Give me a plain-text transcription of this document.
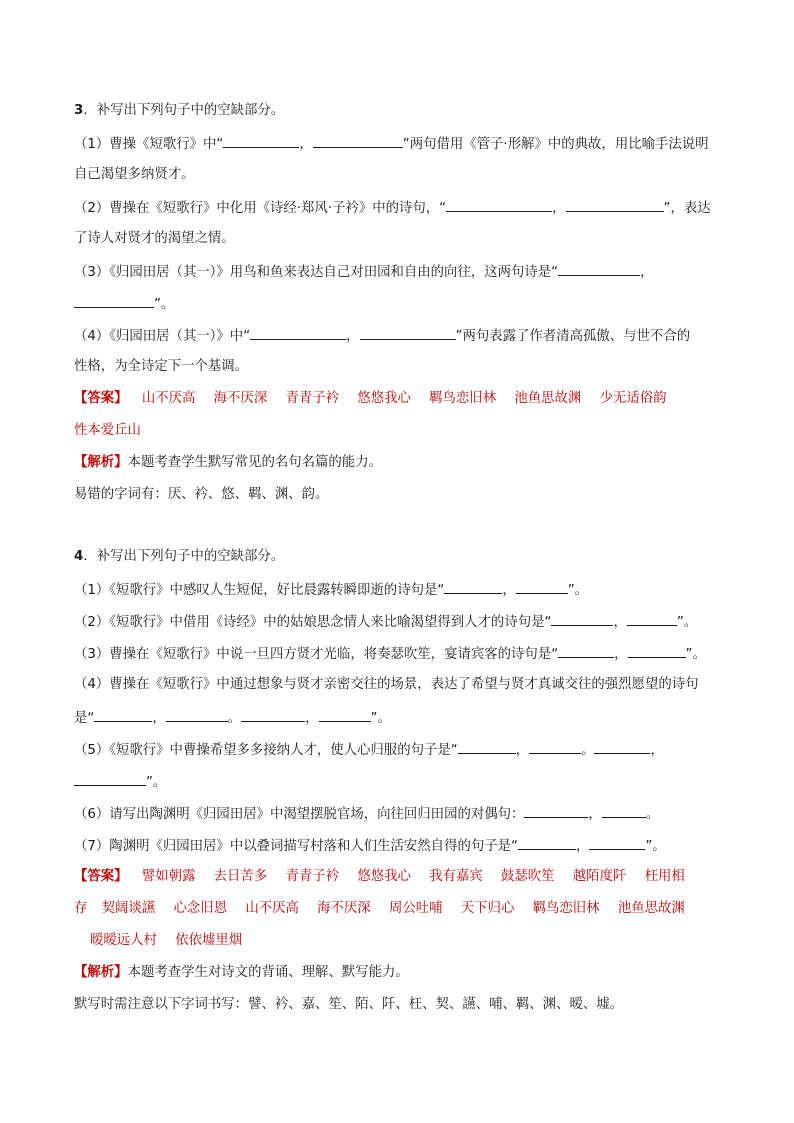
3．补写出下列句子中的空缺部分。
（1）曹操《短歌行》中“	，	”两句借用《管子·形解》中的典故，用比喻手法说明
自己渴望多纳贤才。
（2）曹操在《短歌行》中化用《诗经·郑风·子衿》中的诗句，“	，	”，表达
了诗人对贤才的渴望之情。
（3）《归园田居（其一）》用鸟和鱼来表达自己对田园和自由的向往，这两句诗是“	，
”。
（4）《归园田居（其一）》中“	，	”两句表露了作者清高孤傲、与世不合的
性格，为全诗定下一个基调。
【答案】 山不厌高 海不厌深 青青子衿 悠悠我心 羁鸟恋旧林 池鱼思故渊 少无适俗韵
性本爱丘山
【解析】本题考查学生默写常见的名句名篇的能力。
易错的字词有：厌、衿、悠、羁、渊、韵。
4．补写出下列句子中的空缺部分。
（1）《短歌行》中感叹人生短促，好比晨露转瞬即逝的诗句是“	，	”。
（2）《短歌行》中借用《诗经》中的姑娘思念情人来比喻渴望得到人才的诗句是“	，	”。
（3）曹操在《短歌行》中说一旦四方贤才光临，将奏瑟吹笙，宴请宾客的诗句是“	，	”。
（4）曹操在《短歌行》中通过想象与贤才亲密交往的场景，表达了希望与贤才真诚交往的强烈愿望的诗句
是“	，	。	，	”。
（5）《短歌行》中曹操希望多多接纳人才，使人心归服的句子是“	，	。	，
”。
（6）请写出陶渊明《归园田居》中渴望摆脱官场，向往回归田园的对偶句：	，	。
（7）陶渊明《归园田居》中以叠词描写村落和人们生活安然自得的句子是“	，	”。
【答案】 譬如朝露 去日苦多 青青子衿 悠悠我心 我有嘉宾 鼓瑟吹笙 越陌度阡 枉用相
存 契阔谈讌 心念旧恩 山不厌高 海不厌深 周公吐哺 天下归心 羁鸟恋旧林 池鱼思故渊
暧暧远人村 依依墟里烟
【解析】本题考查学生对诗文的背诵、理解、默写能力。
默写时需注意以下字词书写：譬、衿、嘉、笙、陌、阡、枉、契、讌、哺、羁、渊、暧、墟。
